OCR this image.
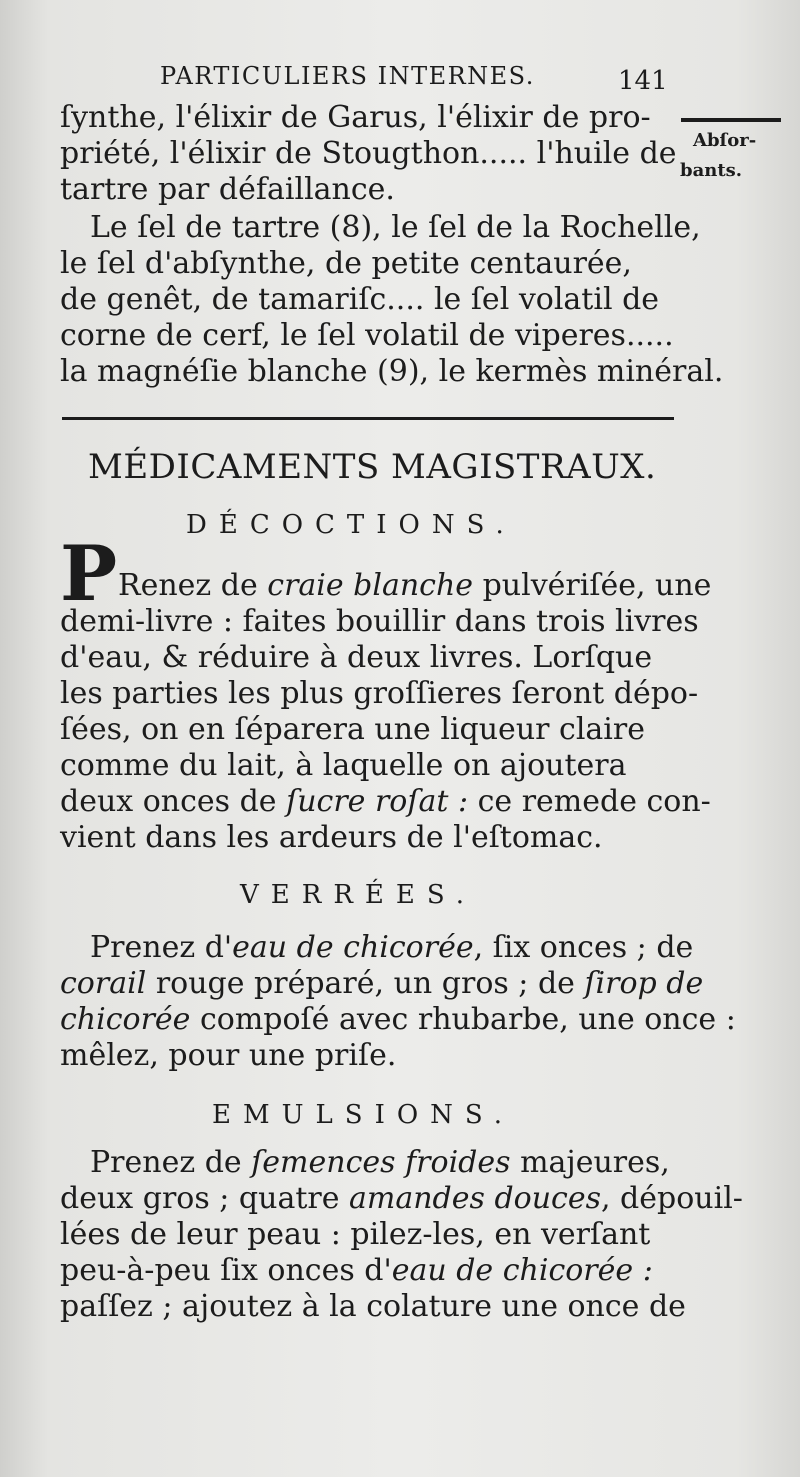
PARTICULIERS INTERNES.	141
Abſor-
bants.
ſynthe, l'élixir de Garus, l'élixir de pro-
priété, l'élixir de Stougthon..... l'huile de
tartre par défaillance.
Le ſel de tartre (8), le ſel de la Rochelle,
le ſel d'abſynthe, de petite centaurée,
de genêt, de tamariſc.... le ſel volatil de
corne de cerf, le ſel volatil de viperes.....
la magnéſie blanche (9), le kermès minéral.
MÉDICAMENTS MAGISTRAUX.
DÉCOCTIONS.
P Renez de craie blanche pulvériſée, une
demi-livre : faites bouillir dans trois livres
d'eau, & réduire à deux livres. Lorſque
les parties les plus groſſieres ſeront dépo-
ſées, on en ſéparera une liqueur claire
comme du lait, à laquelle on ajoutera
deux onces de ſucre roſat : ce remede con-
vient dans les ardeurs de l'eſtomac.
VERRÉES.
Prenez d'eau de chicorée, ſix onces ; de
corail rouge préparé, un gros ; de ſirop de
chicorée compoſé avec rhubarbe, une once :
mêlez, pour une priſe.
EMULSIONS.
Prenez de ſemences froides majeures,
deux gros ; quatre amandes douces, dépouil-
lées de leur peau : pilez-les, en verſant
peu-à-peu ſix onces d'eau de chicorée :
paſſez ; ajoutez à la colature une once de
